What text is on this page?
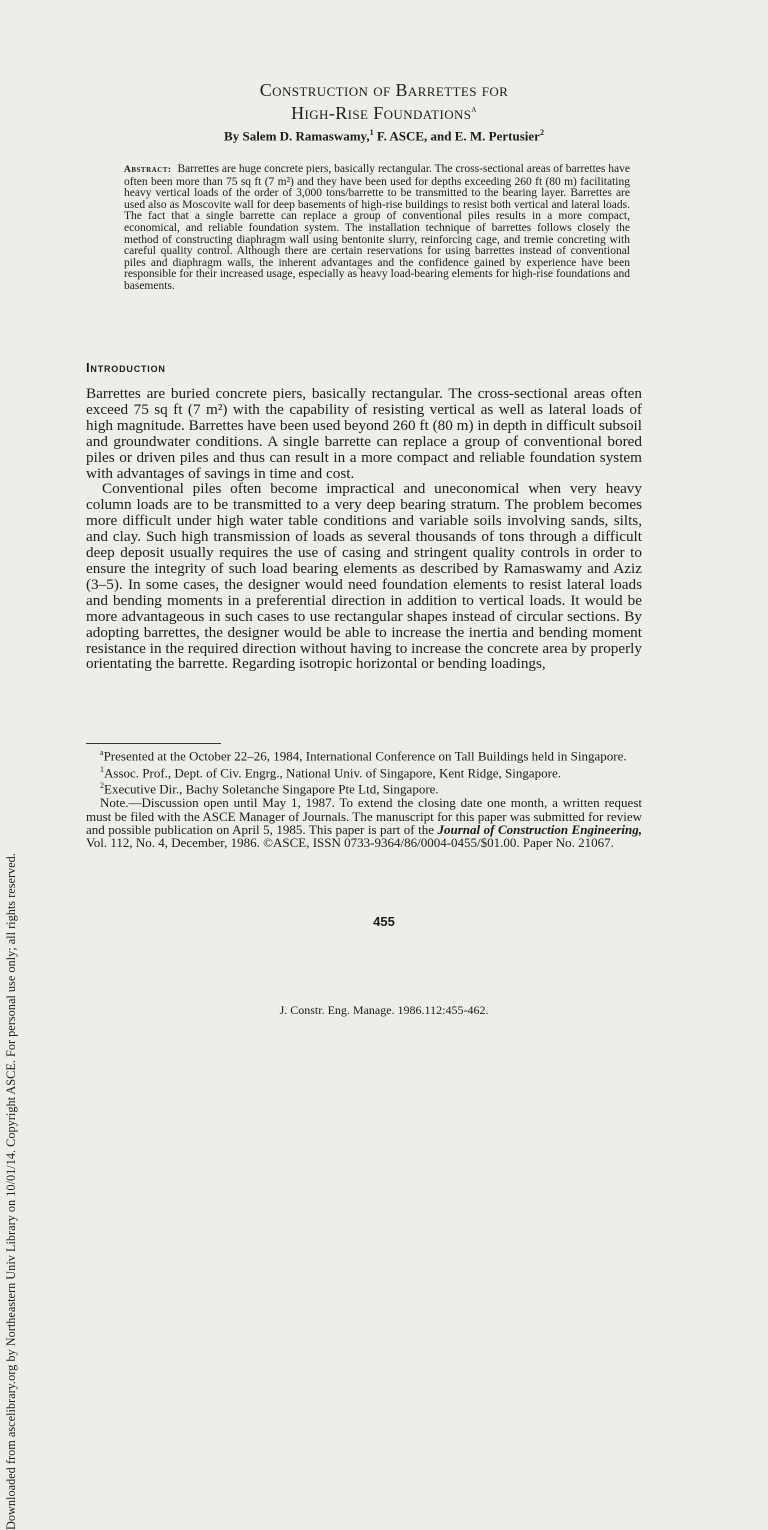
Downloaded from ascelibrary.org by Northeastern Univ Library on 10/01/14. Copyright ASCE. For personal use only; all rights reserved.
Construction of Barrettes for
High-Rise Foundations$^a$
By Salem D. Ramaswamy,$^1$ F. ASCE, and E. M. Pertusier$^2$

Abstract: Barrettes are huge concrete piers, basically rectangular. The cross-sectional areas of barrettes have often been more than 75 sq ft (7 m²) and they have been used for depths exceeding 260 ft (80 m) facilitating heavy vertical loads of the order of 3,000 tons/barrette to be transmitted to the bearing layer. Barrettes are used also as Moscovite wall for deep basements of high-rise buildings to resist both vertical and lateral loads. The fact that a single barrette can replace a group of conventional piles results in a more compact, economical, and reliable foundation system. The installation technique of barrettes follows closely the method of constructing diaphragm wall using bentonite slurry, reinforcing cage, and tremie concreting with careful quality control. Although there are certain reservations for using barrettes instead of conventional piles and diaphragm walls, the inherent advantages and the confidence gained by experience have been responsible for their increased usage, especially as heavy load-bearing elements for high-rise foundations and basements.

Introduction

Barrettes are buried concrete piers, basically rectangular. The cross-sectional areas often exceed 75 sq ft (7 m²) with the capability of resisting vertical as well as lateral loads of high magnitude. Barrettes have been used beyond 260 ft (80 m) in depth in difficult subsoil and groundwater conditions. A single barrette can replace a group of conventional bored piles or driven piles and thus can result in a more compact and reliable foundation system with advantages of savings in time and cost.

Conventional piles often become impractical and uneconomical when very heavy column loads are to be transmitted to a very deep bearing stratum. The problem becomes more difficult under high water table conditions and variable soils involving sands, silts, and clay. Such high transmission of loads as several thousands of tons through a difficult deep deposit usually requires the use of casing and stringent quality controls in order to ensure the integrity of such load bearing elements as described by Ramaswamy and Aziz (3–5). In some cases, the designer would need foundation elements to resist lateral loads and bending moments in a preferential direction in addition to vertical loads. It would be more advantageous in such cases to use rectangular shapes instead of circular sections. By adopting barrettes, the designer would be able to increase the inertia and bending moment resistance in the required direction without having to increase the concrete area by properly orientating the barrette. Regarding isotropic horizontal or bending loadings,

$^a$Presented at the October 22–26, 1984, International Conference on Tall Buildings held in Singapore.

$^1$Assoc. Prof., Dept. of Civ. Engrg., National Univ. of Singapore, Kent Ridge, Singapore.

$^2$Executive Dir., Bachy Soletanche Singapore Pte Ltd, Singapore.

Note.—Discussion open until May 1, 1987. To extend the closing date one month, a written request must be filed with the ASCE Manager of Journals. The manuscript for this paper was submitted for review and possible publication on April 5, 1985. This paper is part of the Journal of Construction Engineering, Vol. 112, No. 4, December, 1986. ©ASCE, ISSN 0733-9364/86/0004-0455/$01.00. Paper No. 21067.

455
J. Constr. Eng. Manage. 1986.112:455-462.
